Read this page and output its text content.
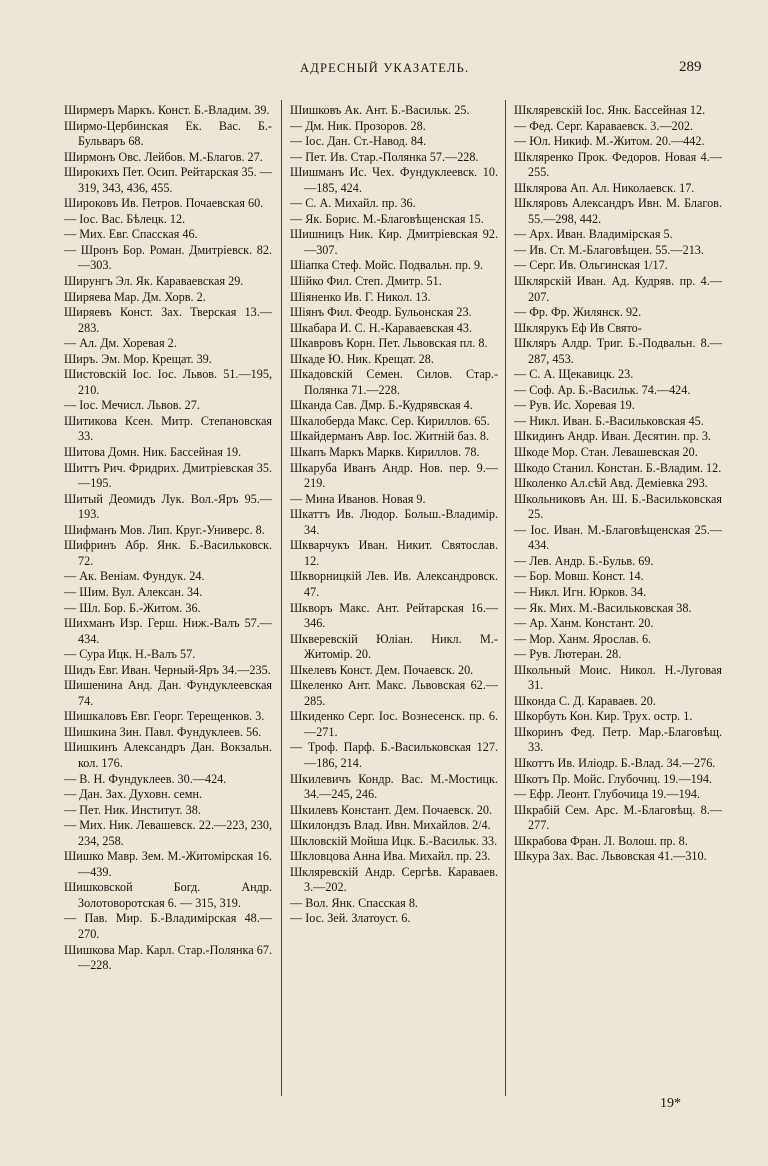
АДРЕСНЫЙ УКАЗАТЕЛЬ.	289
Ширмеръ Маркъ. Конст. Б.-Владим. 39.
Ширмо-Цербинская Ек. Вас. Б.-Бульваръ 68.
Ширмонъ Овс. Лейбов. М.-Благов. 27.
Широкихъ Пет. Осип. Рейтарская 35. — 319, 343, 436, 455.
Широковъ Ив. Петров. Почаевская 60.
— Іос. Вас. Бѣлецк. 12.
— Мих. Евг. Спасская 46.
— Шронъ Бор. Роман. Дмитрiевск. 82.—303.
Ширунгъ Эл. Як. Караваевская 29.
Ширяева Мар. Дм. Хорв. 2.
Ширяевъ Конст. Зах. Тверская 13.—283.
— Ал. Дм. Хоревая 2.
Ширъ. Эм. Мор. Крещат. 39.
Шистовскiй Іос. Іос. Львов. 51.—195, 210.
— Іос. Мечисл. Львов. 27.
Шитикова Ксен. Митр. Степановская 33.
Шитова Домн. Ник. Бассейная 19.
Шиттъ Рич. Фридрих. Дмитрiевская 35.—195.
Шитый Деомидъ Лук. Вол.-Яръ 95.—193.
Шифманъ Мов. Лип. Круг.-Универс. 8.
Шифринъ Абр. Янк. Б.-Васильковск. 72.
— Ак. Венiам. Фундук. 24.
— Шим. Вул. Алексан. 34.
— Шл. Бор. Б.-Житом. 36.
Шихманъ Изр. Герш. Ниж.-Валъ 57.—434.
— Сура Ицк. Н.-Валъ 57.
Шидъ Евг. Иван. Черный-Яръ 34.—235.
Шишенина Анд. Дан. Фундуклеевская 74.
Шишкаловъ Евг. Георг. Терещенков. 3.
Шишкина Зин. Павл. Фундуклеев. 56.
Шишкинъ Александръ Дан. Вокзальн. кол. 176.
— В. Н. Фундуклеев. 30.—424.
— Дан. Зах. Духовн. семн.
— Пет. Ник. Институт. 38.
— Мих. Ник. Левашевск. 22.—223, 230, 234, 258.
Шишко Мавр. Зем. М.-Житомiрская 16.—439.
Шишковской Богд. Андр. Золотоворотская 6. — 315, 319.
— Пав. Мир. Б.-Владимiрская 48.—270.
Шишкова Мар. Карл. Стар.-Полянка 67.—228.
Шишковъ Ак. Ант. Б.-Васильк. 25.
— Дм. Ник. Прозоров. 28.
— Іос. Дан. Ст.-Навод. 84.
— Пет. Ив. Стар.-Полянка 57.—228.
Шишманъ Ис. Чех. Фундуклеевск. 10.—185, 424.
— С. А. Михайл. пр. 36.
— Як. Борис. М.-Благовѣщенская 15.
Шишницъ Ник. Кир. Дмитрiевская 92.—307.
Шiапка Стеф. Мойс. Подвальн. пр. 9.
Шiйко Фил. Степ. Дмитр. 51.
Шiяненко Ив. Г. Никол. 13.
Шiянъ Фил. Феодр. Бульонская 23.
Шкабара И. С. Н.-Караваевская 43.
Шкавровъ Корн. Пет. Львовская пл. 8.
Шкаде Ю. Ник. Крещат. 28.
Шкадовскiй Семен. Силов. Стар.-Полянка 71.—228.
Шканда Сав. Дмр. Б.-Кудрявская 4.
Шкалоберда Макс. Сер. Кириллов. 65.
Шкайдерманъ Авр. Іос. Житнiй баз. 8.
Шкапъ Маркъ Маркв. Кириллов. 78.
Шкаруба Иванъ Андр. Нов. пер. 9.—219.
— Мина Иванов. Новая 9.
Шкаттъ Ив. Людор. Больш.-Владимiр. 34.
Шкварчукъ Иван. Никит. Святослав. 12.
Шкворницкiй Лев. Ив. Александровск. 47.
Шкворъ Макс. Ант. Рейтарская 16.—346.
Шкверевскiй Юлiан. Никл. М.-Житомiр. 20.
Шкелевъ Конст. Дем. Почаевск. 20.
Шкеленко Ант. Макс. Львовская 62.—285.
Шкиденко Серг. Іос. Вознесенск. пр. 6.—271.
— Троф. Парф. Б.-Васильковская 127.—186, 214.
Шкилевичъ Кондр. Вас. М.-Мостицк. 34.—245, 246.
Шкилевъ Констант. Дем. Почаевск. 20.
Шкилондзъ Влад. Ивн. Михайлов. 2/4.
Шкловскiй Мойша Ицк. Б.-Васильк. 33.
Шкловцова Анна Ива. Михайл. пр. 23.
Шкляревскiй Андр. Сергѣв. Караваев. 3.—202.
— Вол. Янк. Спасская 8.
— Іос. Зей. Златоуст. 6.
Шкляревскiй Іос. Янк. Бассейная 12.
— Фед. Серг. Караваевск. 3.—202.
— Юл. Никиф. М.-Житом. 20.—442.
Шкляренко Прок. Федоров. Новая 4.—255.
Шклярова Ап. Ал. Николаевск. 17.
Шкляровъ Александръ Ивн. М. Благов. 55.—298, 442.
— Арх. Иван. Владимiрская 5.
— Ив. Ст. М.-Благовѣщен. 55.—213.
— Серг. Ив. Ольгинская 1/17.
Шклярскiй Иван. Ад. Кудряв. пр. 4.—207.
— Фр. Фр. Жилянск. 92.
Шклярукъ Еф Ив Свято-
Шкляръ Алдр. Триг. Б.-Подвальн. 8.—287, 453.
— С. А. Щекавицк. 23.
— Соф. Ар. Б.-Васильк. 74.—424.
— Рув. Ис. Хоревая 19.
— Никл. Иван. Б.-Васильковская 45.
Шкидинъ Андр. Иван. Десятин. пр. 3.
Шкоде Мор. Стан. Левашевская 20.
Шкодо Станил. Констан. Б.-Владим. 12.
Школенко Ал.сѣй Авд. Демiевка 293.
Школьниковъ Ан. Ш. Б.-Васильковская 25.
— Іос. Иван. М.-Благовѣщенская 25.—434.
— Лев. Андр. Б.-Бульв. 69.
— Бор. Мовш. Конст. 14.
— Никл. Игн. Юрков. 34.
— Як. Мих. М.-Васильковская 38.
— Ар. Ханм. Констант. 20.
— Мор. Ханм. Ярослав. 6.
— Рув. Лютеран. 28.
Школьный Моис. Никол. Н.-Луговая 31.
Шконда С. Д. Караваев. 20.
Шкорбуть Кон. Кир. Трух. остр. 1.
Шкоринъ Фед. Петр. Мар.-Благовѣщ. 33.
Шкоттъ Ив. Илiодр. Б.-Влад. 34.—276.
Шкотъ Пр. Мойс. Глубочиц. 19.—194.
— Ефр. Леонт. Глубочица 19.—194.
Шкрабiй Сем. Арс. М.-Благовѣщ. 8.—277.
Шкрабова Фран. Л. Волош. пр. 8.
Шкура Зах. Вас. Львовская 41.—310.
19*
